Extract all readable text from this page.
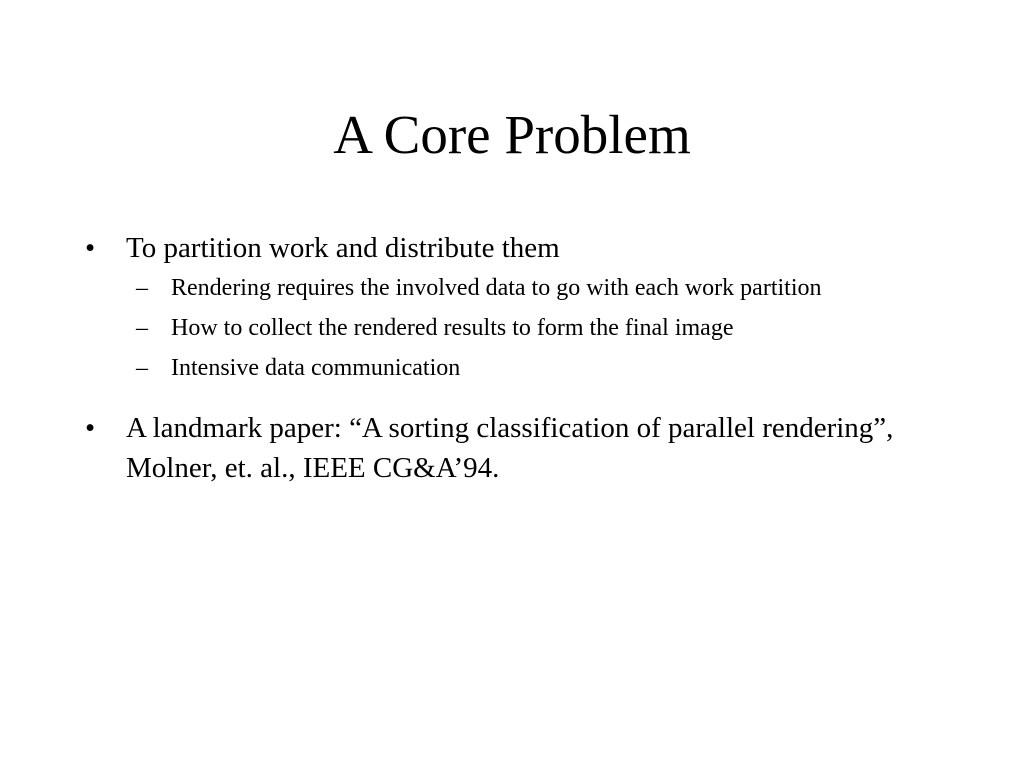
A Core Problem
• To partition work and distribute them
– Rendering requires the involved data to go with each work partition
– How to collect the rendered results to form the final image
– Intensive data communication
• A landmark paper: “A sorting classification of parallel rendering”, Molner, et. al., IEEE CG&A’94.
